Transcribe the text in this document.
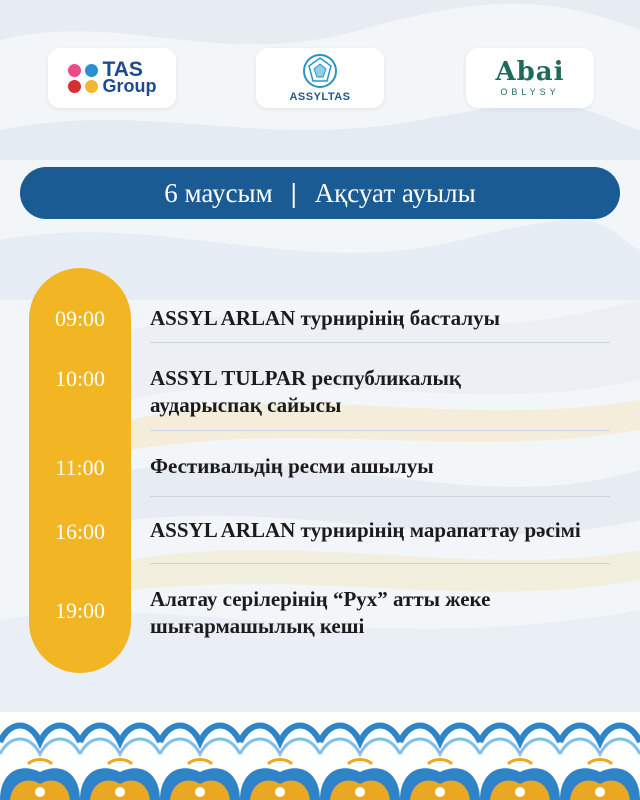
TAS
Group
ASSYLTAS
Abai
OBLYSY
6 маусым | Ақсуат ауылы
09:00
10:00
11:00
16:00
19:00
ASSYL ARLAN турнирінің басталуы
ASSYL TULPAR республикалық
аударыспақ сайысы
Фестивальдің ресми ашылуы
ASSYL ARLAN турнирінің марапаттау рәсімі
Алатау серілерінің “Рух” атты жеке
шығармашылық кеші
